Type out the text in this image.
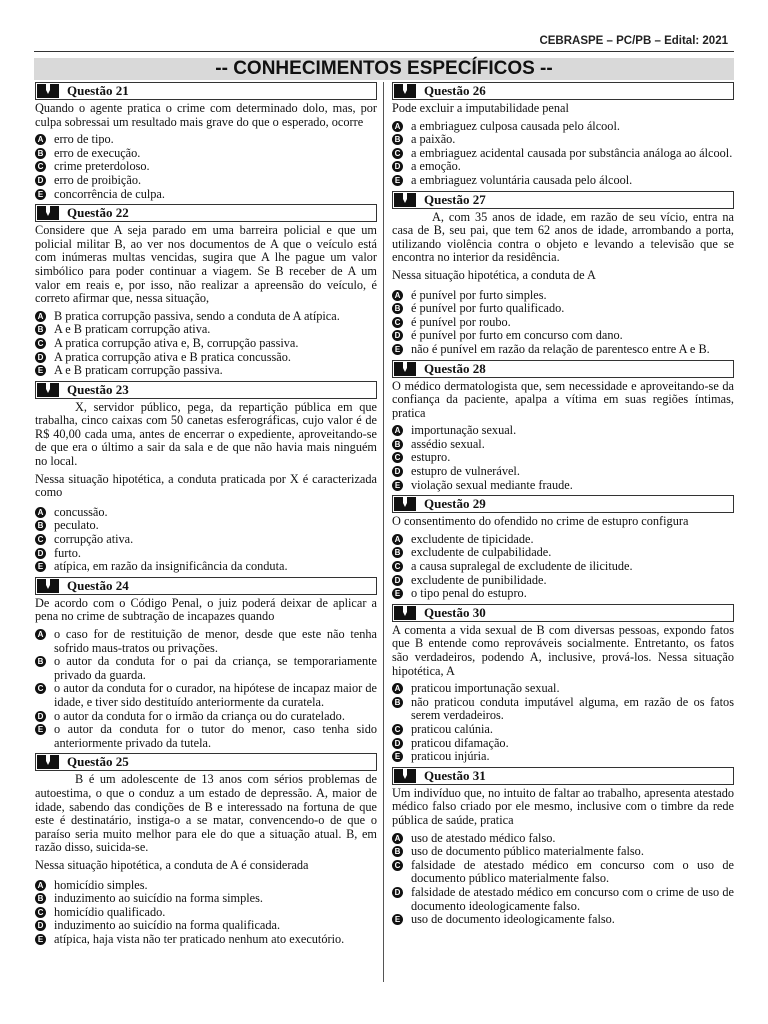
CEBRASPE – PC/PB – Edital: 2021
-- CONHECIMENTOS ESPECÍFICOS --
Questão 21

Quando o agente pratica o crime com determinado dolo, mas, por culpa sobressai um resultado mais grave do que o esperado, ocorre

A erro de tipo.
B erro de execução.
C crime preterdoloso.
D erro de proibição.
E concorrência de culpa.
Questão 22

Considere que A seja parado em uma barreira policial e que um policial militar B, ao ver nos documentos de A que o veículo está com inúmeras multas vencidas, sugira que A lhe pague um valor simbólico para poder continuar a viagem. Se B receber de A um valor em reais e, por isso, não realizar a apreensão do veículo, é correto afirmar que, nessa situação,

A B pratica corrupção passiva, sendo a conduta de A atípica.
B A e B praticam corrupção ativa.
C A pratica corrupção ativa e, B, corrupção passiva.
D A pratica corrupção ativa e B pratica concussão.
E A e B praticam corrupção passiva.
Questão 23

X, servidor público, pega, da repartição pública em que trabalha, cinco caixas com 50 canetas esferográficas, cujo valor é de R$ 40,00 cada uma, antes de encerrar o expediente, aproveitando-se de que era o último a sair da sala e de que não havia mais ninguém no local.

Nessa situação hipotética, a conduta praticada por X é caracterizada como

A concussão.
B peculato.
C corrupção ativa.
D furto.
E atípica, em razão da insignificância da conduta.
Questão 24

De acordo com o Código Penal, o juiz poderá deixar de aplicar a pena no crime de subtração de incapazes quando

A o caso for de restituição de menor, desde que este não tenha sofrido maus-tratos ou privações.
B o autor da conduta for o pai da criança, se temporariamente privado da guarda.
C o autor da conduta for o curador, na hipótese de incapaz maior de idade, e tiver sido destituído anteriormente da curatela.
D o autor da conduta for o irmão da criança ou do curatelado.
E o autor da conduta for o tutor do menor, caso tenha sido anteriormente privado da tutela.
Questão 25

B é um adolescente de 13 anos com sérios problemas de autoestima, o que o conduz a um estado de depressão. A, maior de idade, sabendo das condições de B e interessado na fortuna de que este é destinatário, instiga-o a se matar, convencendo-o de que o paraíso seria muito melhor para ele do que a situação atual. B, em razão disso, suicida-se.

Nessa situação hipotética, a conduta de A é considerada

A homicídio simples.
B induzimento ao suicídio na forma simples.
C homicídio qualificado.
D induzimento ao suicídio na forma qualificada.
E atípica, haja vista não ter praticado nenhum ato executório.
Questão 26

Pode excluir a imputabilidade penal

A a embriaguez culposa causada pelo álcool.
B a paixão.
C a embriaguez acidental causada por substância análoga ao álcool.
D a emoção.
E a embriaguez voluntária causada pelo álcool.
Questão 27

A, com 35 anos de idade, em razão de seu vício, entra na casa de B, seu pai, que tem 62 anos de idade, arrombando a porta, utilizando violência contra o objeto e levando a televisão que se encontra no interior da residência.

Nessa situação hipotética, a conduta de A

A é punível por furto simples.
B é punível por furto qualificado.
C é punível por roubo.
D é punível por furto em concurso com dano.
E não é punível em razão da relação de parentesco entre A e B.
Questão 28

O médico dermatologista que, sem necessidade e aproveitando-se da confiança da paciente, apalpa a vítima em suas regiões íntimas, pratica

A importunação sexual.
B assédio sexual.
C estupro.
D estupro de vulnerável.
E violação sexual mediante fraude.
Questão 29

O consentimento do ofendido no crime de estupro configura

A excludente de tipicidade.
B excludente de culpabilidade.
C a causa supralegal de excludente de ilicitude.
D excludente de punibilidade.
E o tipo penal do estupro.
Questão 30

A comenta a vida sexual de B com diversas pessoas, expondo fatos que B entende como reprováveis socialmente. Entretanto, os fatos são verdadeiros, podendo A, inclusive, prová-los. Nessa situação hipotética, A

A praticou importunação sexual.
B não praticou conduta imputável alguma, em razão de os fatos serem verdadeiros.
C praticou calúnia.
D praticou difamação.
E praticou injúria.
Questão 31

Um indivíduo que, no intuito de faltar ao trabalho, apresenta atestado médico falso criado por ele mesmo, inclusive com o timbre da rede pública de saúde, pratica

A uso de atestado médico falso.
B uso de documento público materialmente falso.
C falsidade de atestado médico em concurso com o uso de documento público materialmente falso.
D falsidade de atestado médico em concurso com o crime de uso de documento ideologicamente falso.
E uso de documento ideologicamente falso.
